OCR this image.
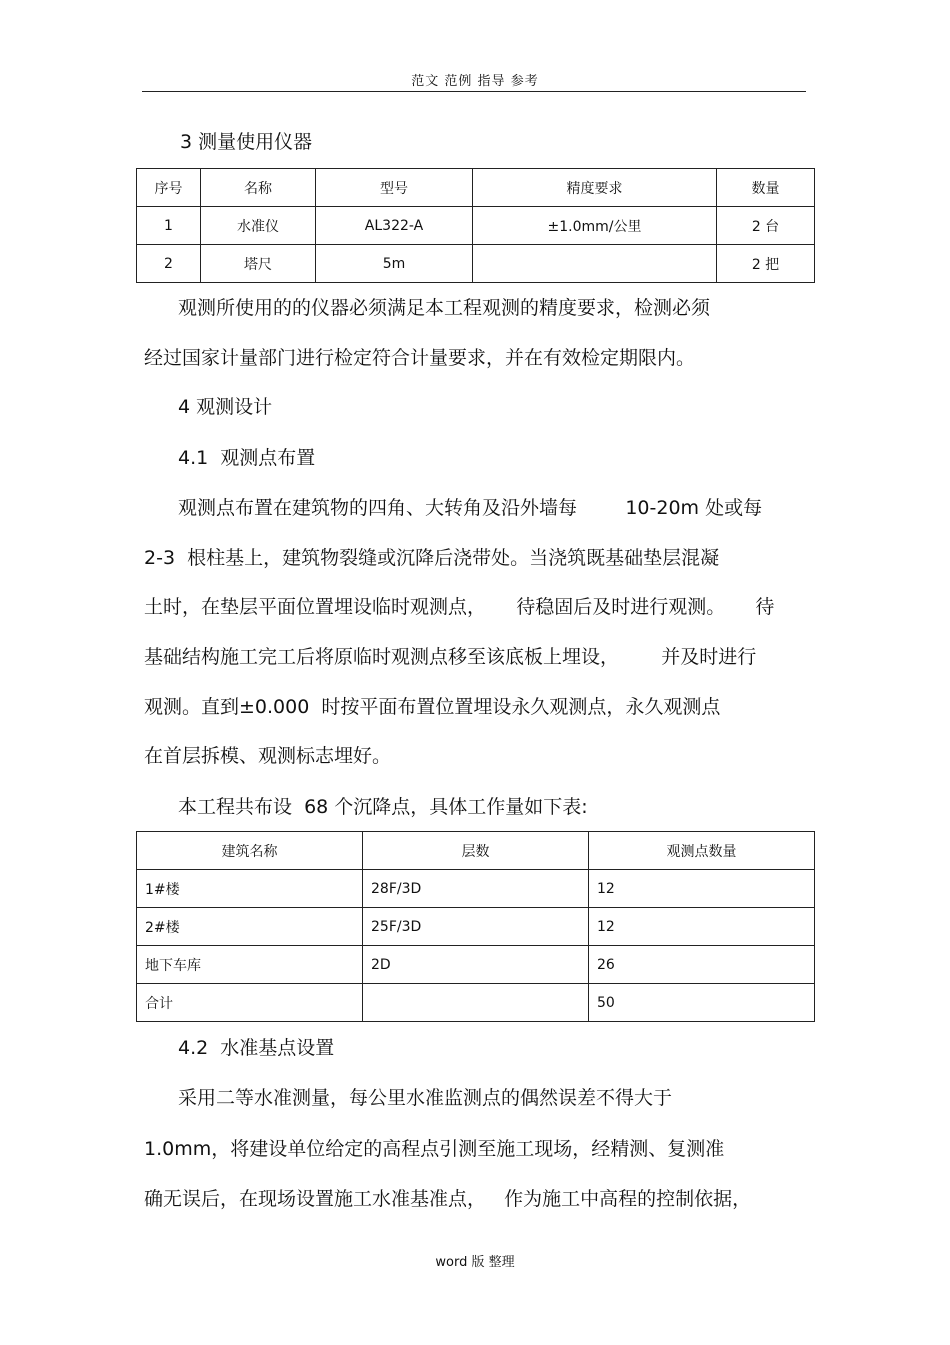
范文 范例 指导 参考
3 测量使用仪器
序号	名称	型号	精度要求	数量
1	水准仪	AL322-A	±1.0mm/公里	2 台
2	塔尺	5m		2 把
观测所使用的的仪器必须满足本工程观测的精度要求，检测必须
经过国家计量部门进行检定符合计量要求，并在有效检定期限内。
4 观测设计
4.1  观测点布置
观测点布置在建筑物的四角、大转角及沿外墙每        10-20m 处或每
2-3  根柱基上，建筑物裂缝或沉降后浇带处。当浇筑既基础垫层混凝
土时，在垫层平面位置埋设临时观测点，     待稳固后及时进行观测。     待
基础结构施工完工后将原临时观测点移至该底板上埋设，       并及时进行
观测。直到±0.000  时按平面布置位置埋设永久观测点，永久观测点
在首层拆模、观测标志埋好。
本工程共布设  68 个沉降点，具体工作量如下表:
建筑名称	层数	观测点数量
1#楼	28F/3D	12
2#楼	25F/3D	12
地下车库	2D	26
合计		50
4.2  水准基点设置
采用二等水准测量，每公里水准监测点的偶然误差不得大于
1.0mm，将建设单位给定的高程点引测至施工现场，经精测、复测准
确无误后，在现场设置施工水准基准点，   作为施工中高程的控制依据，
word 版 整理
